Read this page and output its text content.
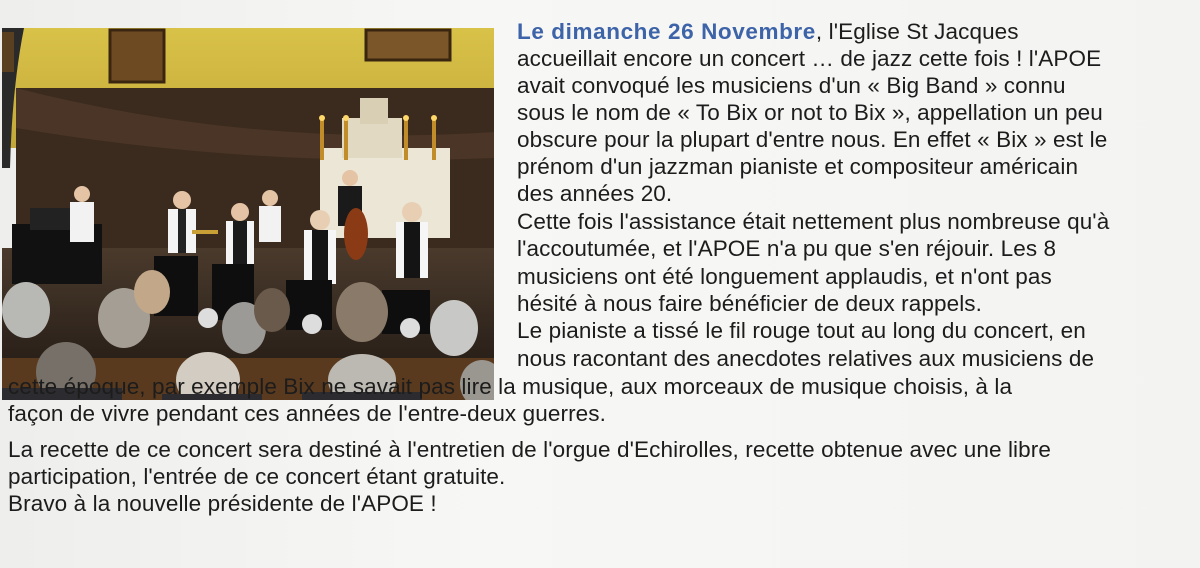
Le dimanche 26 Novembre, l'Eglise St Jacques
accueillait encore un concert … de jazz cette fois ! l'APOE
avait convoqué les musiciens d'un « Big Band » connu
sous le nom de « To Bix or not to Bix », appellation un peu
obscure pour la plupart d'entre nous. En effet « Bix » est le
prénom d'un jazzman pianiste et compositeur américain
des années 20.
Cette fois l'assistance était nettement plus nombreuse qu'à
l'accoutumée, et l'APOE n'a pu que s'en réjouir. Les 8
musiciens ont été longuement applaudis, et n'ont pas
hésité à nous faire bénéficier de deux rappels.
Le pianiste a tissé le fil rouge tout au long du concert, en
nous racontant des anecdotes relatives aux musiciens de
cette époque, par exemple Bix ne savait pas lire la musique, aux morceaux de musique choisis, à la
façon de vivre pendant ces années de l'entre-deux guerres.
La recette de ce concert sera destiné à l'entretien de l'orgue d'Echirolles, recette obtenue avec une libre
participation, l'entrée de ce concert étant gratuite.
Bravo à la nouvelle présidente de l'APOE !
